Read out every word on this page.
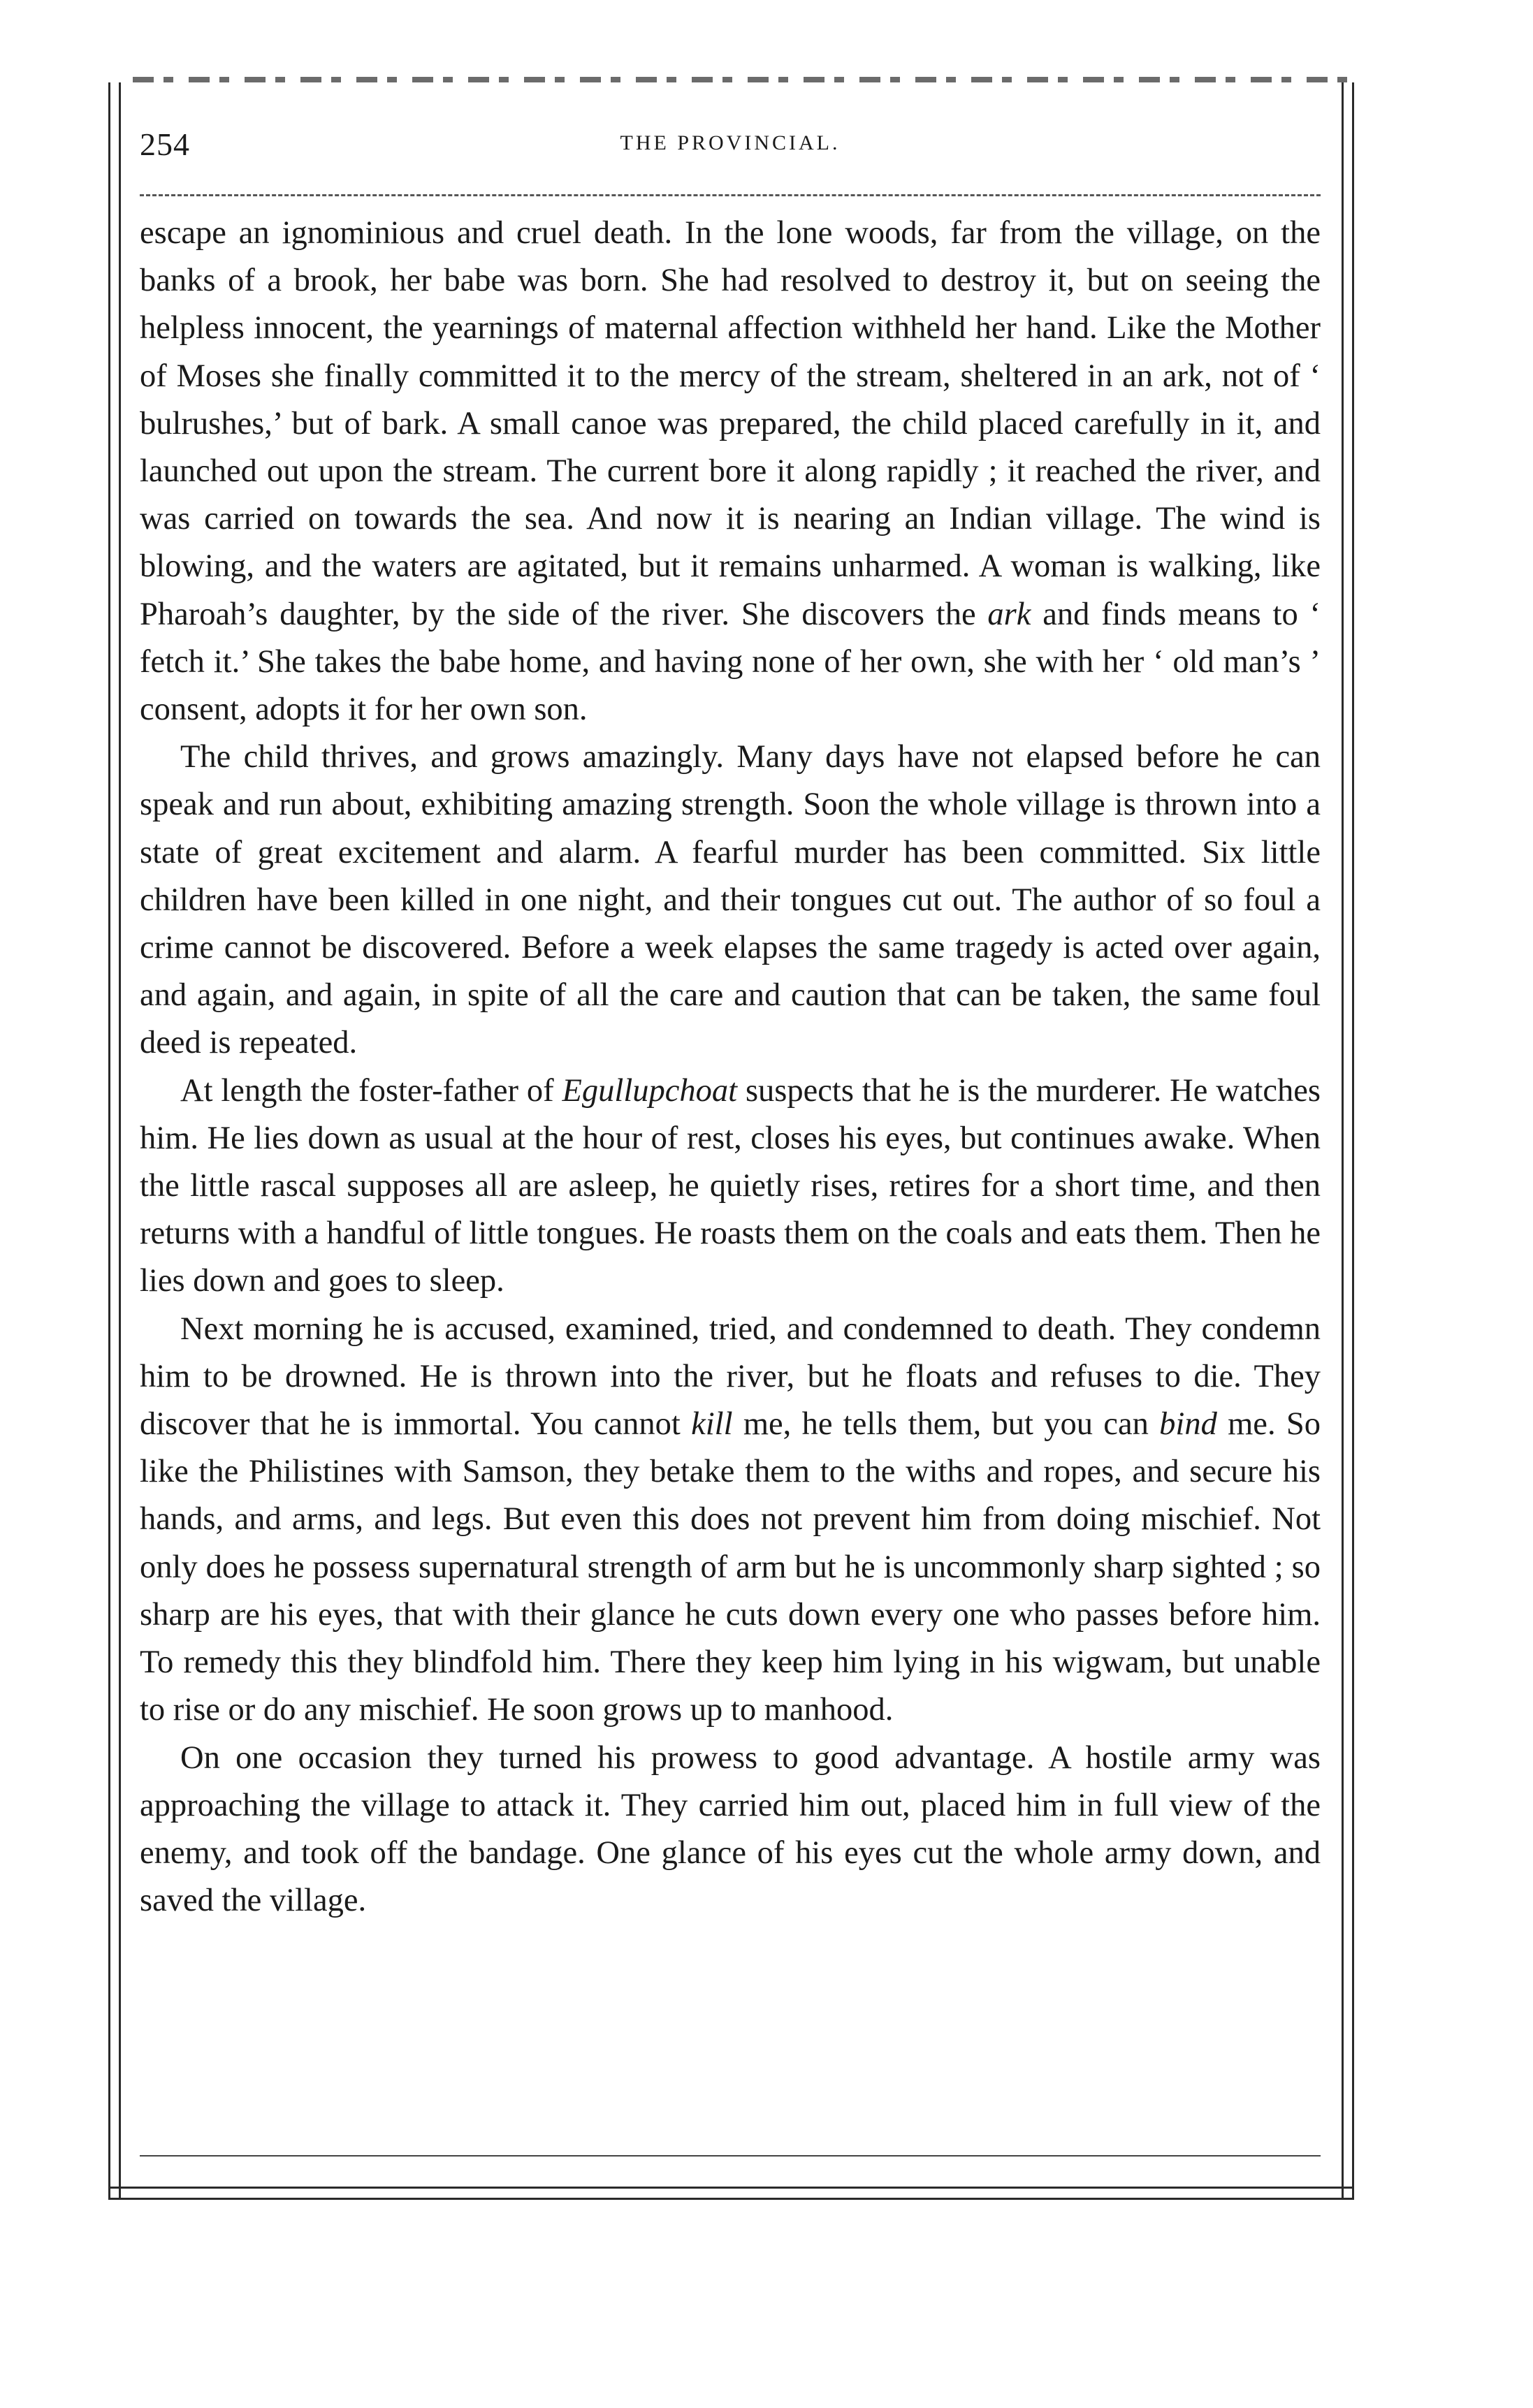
254	THE PROVINCIAL.

escape an ignominious and cruel death. In the lone woods, far from the village, on the banks of a brook, her babe was born. She had resolved to destroy it, but on seeing the helpless innocent, the yearnings of maternal affection withheld her hand. Like the Mother of Moses she finally committed it to the mercy of the stream, sheltered in an ark, not of ‘ bulrushes,’ but of bark. A small canoe was prepared, the child placed carefully in it, and launched out upon the stream. The current bore it along rapidly ; it reached the river, and was carried on towards the sea. And now it is nearing an Indian village. The wind is blowing, and the waters are agitated, but it remains unharmed. A woman is walking, like Pharoah’s daughter, by the side of the river. She discovers the ark and finds means to ‘ fetch it.’ She takes the babe home, and having none of her own, she with her ‘ old man’s ’ consent, adopts it for her own son.

The child thrives, and grows amazingly. Many days have not elapsed before he can speak and run about, exhibiting amazing strength. Soon the whole village is thrown into a state of great excitement and alarm. A fearful murder has been committed. Six little children have been killed in one night, and their tongues cut out. The author of so foul a crime cannot be discovered. Before a week elapses the same tragedy is acted over again, and again, and again, in spite of all the care and caution that can be taken, the same foul deed is repeated.

At length the foster-father of Egullupchoat suspects that he is the murderer. He watches him. He lies down as usual at the hour of rest, closes his eyes, but continues awake. When the little rascal supposes all are asleep, he quietly rises, retires for a short time, and then returns with a handful of little tongues. He roasts them on the coals and eats them. Then he lies down and goes to sleep.

Next morning he is accused, examined, tried, and condemned to death. They condemn him to be drowned. He is thrown into the river, but he floats and refuses to die. They discover that he is immortal. You cannot kill me, he tells them, but you can bind me. So like the Philistines with Samson, they betake them to the withs and ropes, and secure his hands, and arms, and legs. But even this does not prevent him from doing mischief. Not only does he possess supernatural strength of arm but he is uncommonly sharp sighted ; so sharp are his eyes, that with their glance he cuts down every one who passes before him. To remedy this they blindfold him. There they keep him lying in his wigwam, but unable to rise or do any mischief. He soon grows up to manhood.

On one occasion they turned his prowess to good advantage. A hostile army was approaching the village to attack it. They carried him out, placed him in full view of the enemy, and took off the bandage. One glance of his eyes cut the whole army down, and saved the village.
